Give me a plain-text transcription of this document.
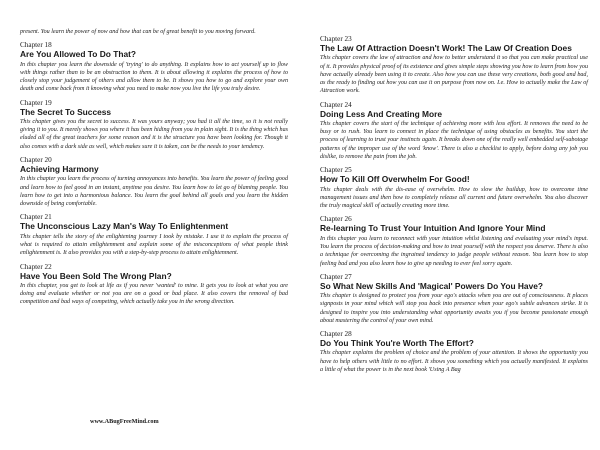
present. You learn the power of now and how that can be of great benefit to you moving forward.

Chapter 18

Are You Allowed To Do That?

In this chapter you learn the downside of 'trying' to do anything. It explains how to act yourself up to flow with things rather than to be an obstruction to them. It is about allowing it explains the process of how to closely stop your judgement of others and allow them to be. It shows you how to go and explore your own death and come back from it knowing what you need to make now you live the life you truly desire.

Chapter 19

The Secret To Success

This chapter gives you the secret to success. It was yours anyway; you had it all the time, so it is not really giving it to you. It merely shows you where it has been hiding from you in plain sight. It is the thing which has eluded all of the great teachers for some reason and it is the structure you have been looking for. Though it also comes with a dark side as well, which makes sure it is taken, can be the needs to your tendency.

Chapter 20

Achieving Harmony

In this chapter you learn the process of turning annoyances into benefits. You learn the power of feeling good and learn how to feel good in an instant, anytime you desire. You learn how to let go of blaming people. You learn how to get into a harmonious balance. You learn the goal behind all goals and you learn the hidden downside of being comfortable.

Chapter 21

The Unconscious Lazy Man's Way To Enlightenment

This chapter tells the story of the enlightening journey I took by mistake. I use it to explain the process of what is required to attain enlightenment and explain some of the misconceptions of what people think enlightenment is. It also provides you with a step-by-step process to attain enlightenment.

Chapter 22

Have You Been Sold The Wrong Plan?

In this chapter, you get to look at life as if you never 'wanted' to mine. It gets you to look at what you are doing and evaluate whether or not you are on a good or bad place. It also covers the removal of bad competition and bad ways of competing, which actually take you in the wrong direction.

Chapter 23

The Law Of Attraction Doesn't Work! The Law Of Creation Does

This chapter covers the law of attraction and how to better understand it so that you can make practical use of it. It provides physical proof of its existence and gives simple steps showing you how to learn from how you have actually already been using it to create. Also how you can use these very creations, both good and bad, as the ready to finding out how you can use it on purpose from now on. I.e. How to actually make the Law of Attraction work.

Chapter 24

Doing Less And Creating More

This chapter covers the start of the technique of achieving more with less effort. It removes the need to be busy or to rush. You learn to connect in place the technique of using obstacles as benefits. You start the process of learning to trust your instincts again. It breaks down one of the really well embedded self-sabotage patterns of the improper use of the word 'know'. There is also a checklist to apply, before doing any job you dislike, to remove the pain from the job.

Chapter 25

How To Kill Off Overwhelm For Good!

This chapter deals with the dis-ease of overwhelm. How to slow the buildup, how to overcome time management issues and then how to completely release all current and future overwhelm. You also discover the truly magical skill of actually creating more time.

Chapter 26

Re-learning To Trust Your Intuition And Ignore Your Mind

In this chapter you learn to reconnect with your intuition whilst listening and evaluating your mind's input. You learn the process of decision-making and how to treat yourself with the respect you deserve. There is also a technique for overcoming the ingrained tendency to judge people without reason. You learn how to stop feeling bad and you also learn how to give up needing to ever feel sorry again.

Chapter 27

So What New Skills And 'Magical' Powers Do You Have?

This chapter is designed to protect you from your ego's attacks when you are out of consciousness. It places signposts in your mind which will stop you back into presence when your ego's subtle advances strike. It is designed to inspire you into understanding what opportunity awaits you if you become passionate enough about mastering the control of your own mind.

Chapter 28

Do You Think You're Worth The Effort?

This chapter explains the problem of choice and the problem of your attention. It shows the opportunity you have to help others with little to no effort. It shows you something which you actually manifested. It explains a little of what the power is in the next book 'Using A Bag

www.ABugFreeMind.com
